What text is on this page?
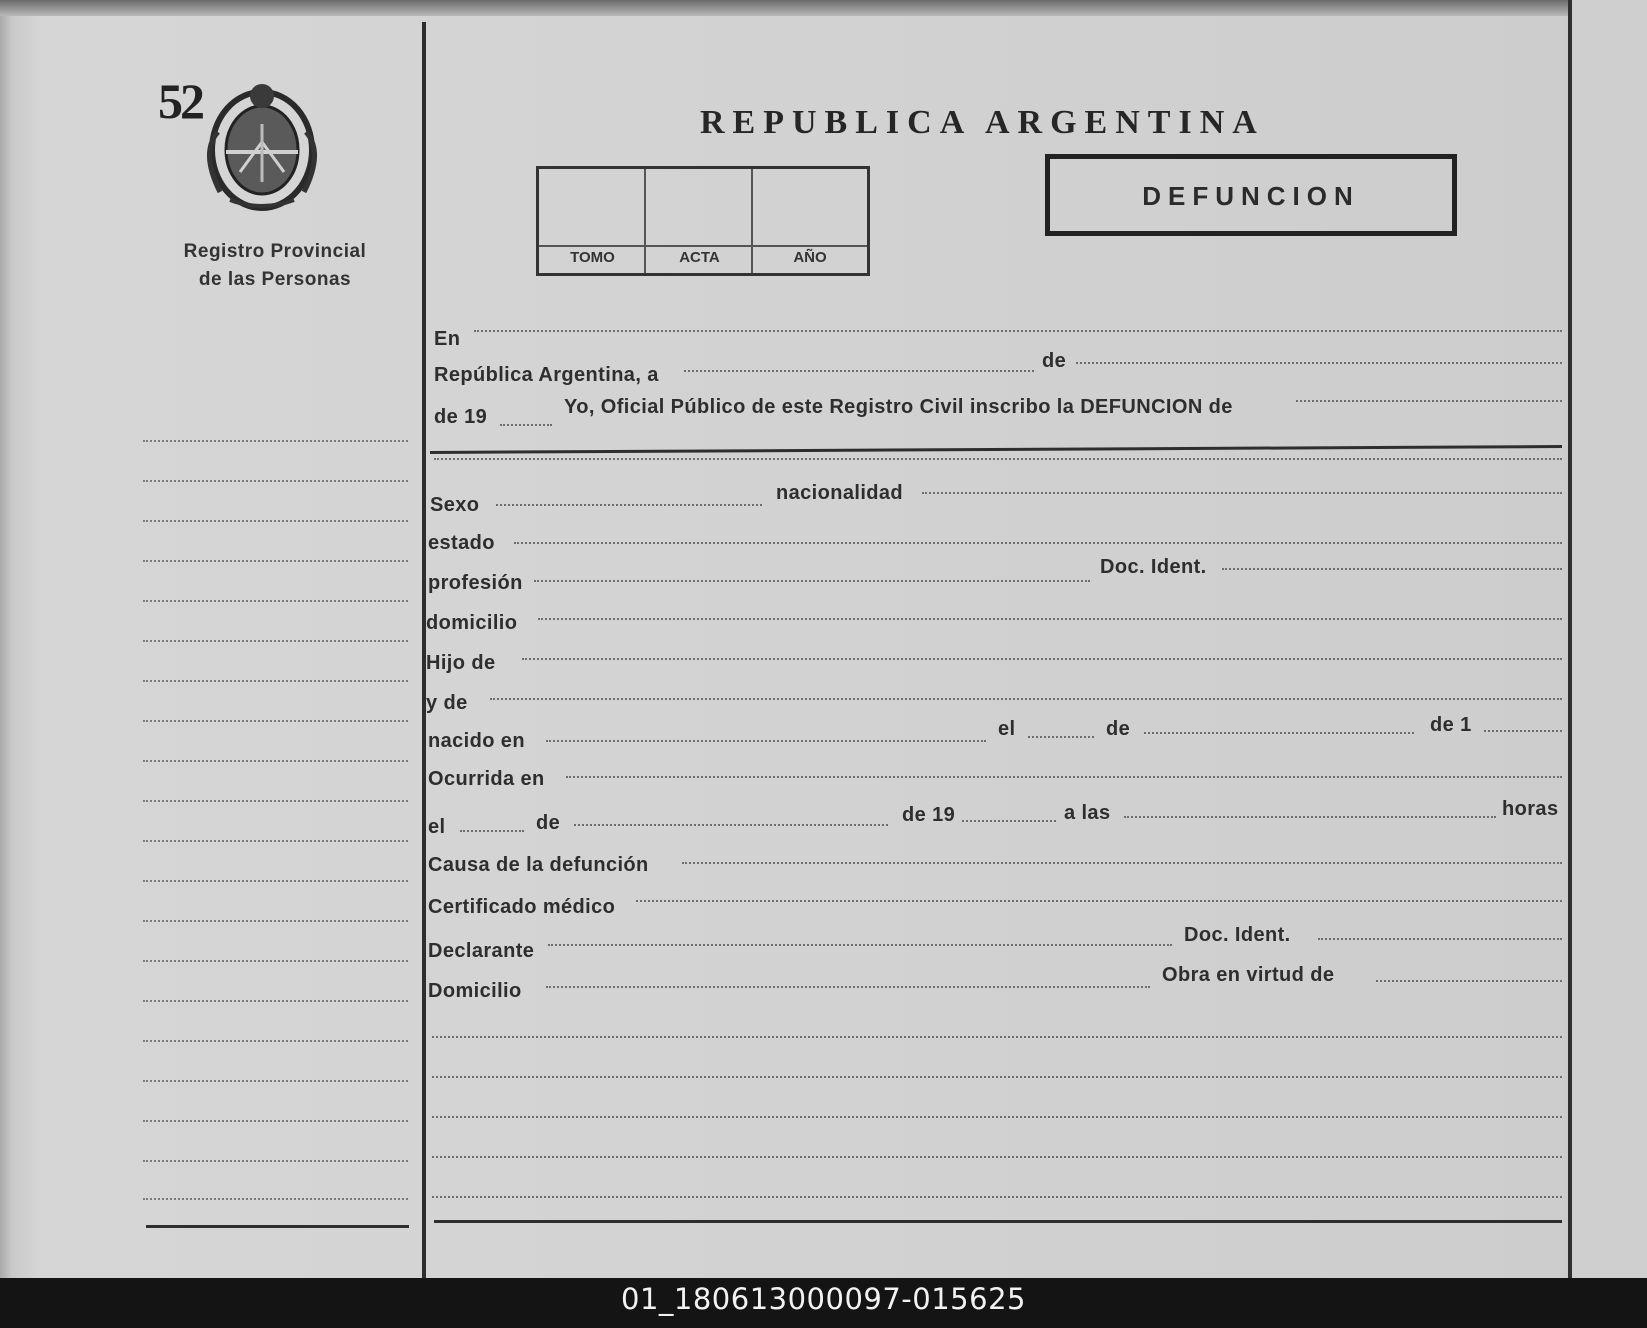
52
Registro Provincial
de las Personas
REPUBLICA ARGENTINA
TOMO	ACTA	AÑO
DEFUNCION
En
República Argentina, a
de
de 19	Yo, Oficial Público de este Registro Civil inscribo la DEFUNCION de
Sexo
nacionalidad
estado
profesión
Doc. Ident.
domicilio
Hijo de
y de
nacido en
el	de	de 1
Ocurrida en
el	de	de 19	a las	horas
Causa de la defunción
Certificado médico
Declarante
Doc. Ident.
Domicilio
Obra en virtud de
01_180613000097-015625
